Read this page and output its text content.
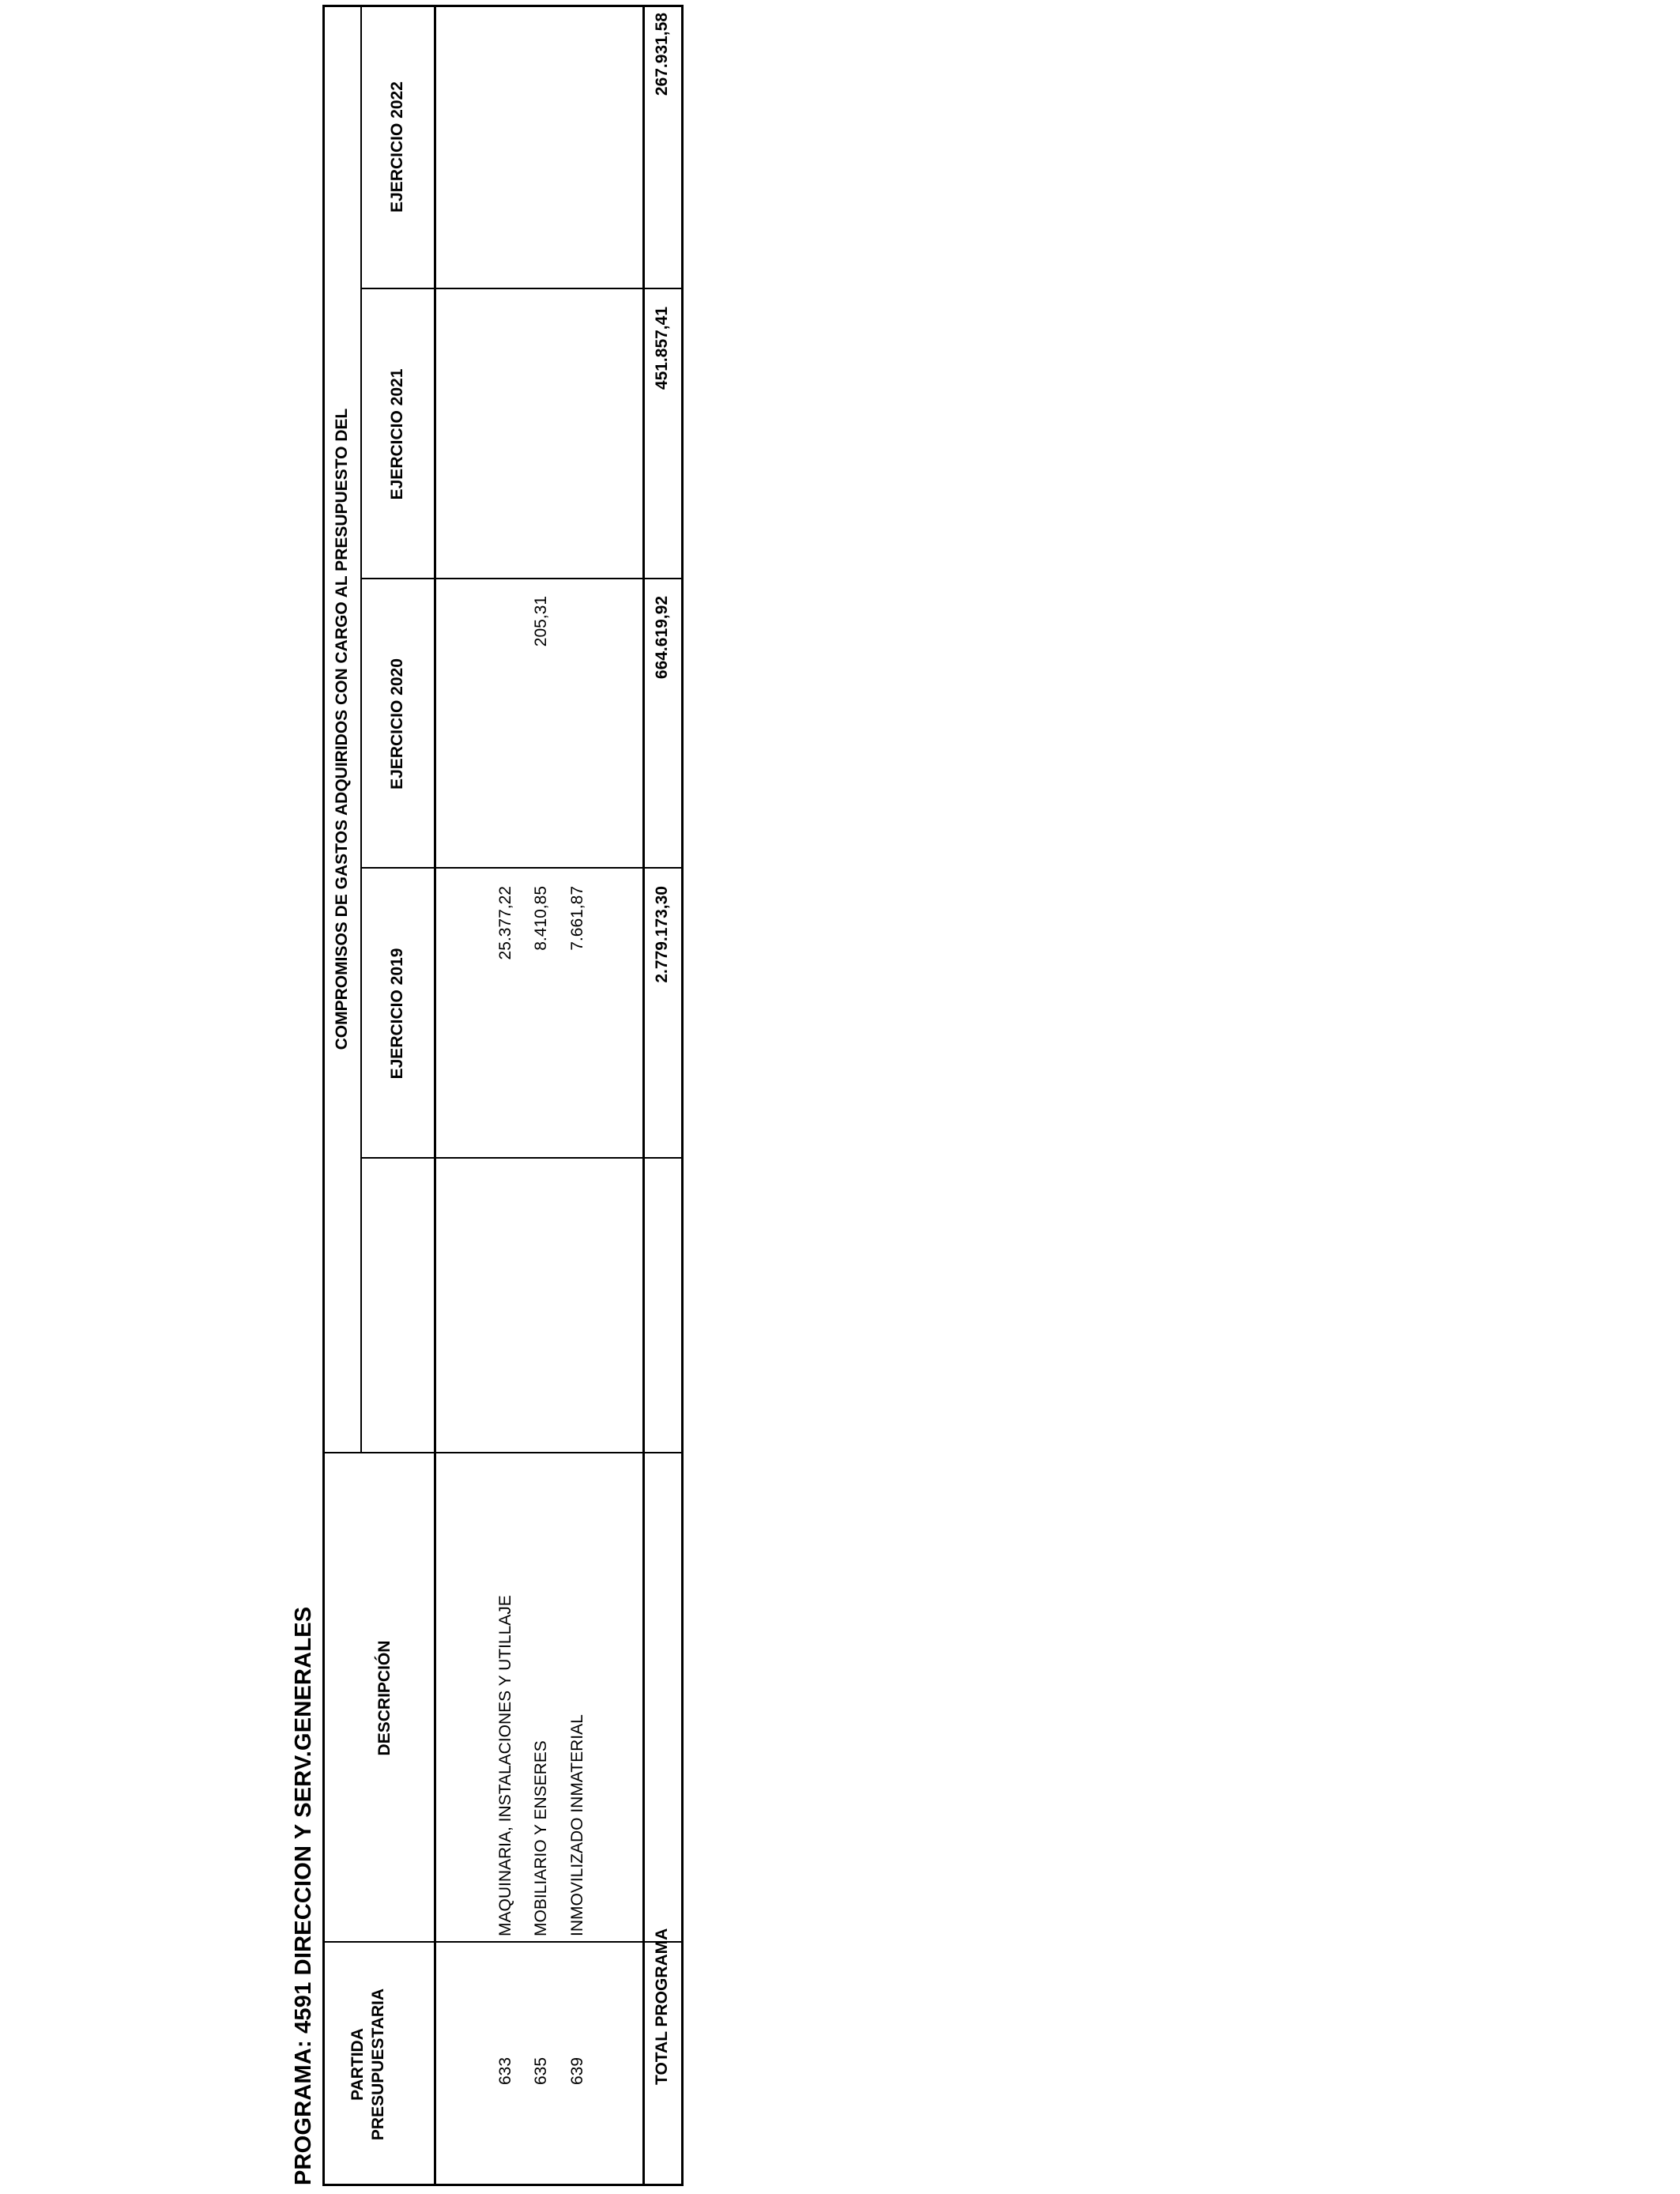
PROGRAMA: 4591 DIRECCION Y SERV.GENERALES PARTIDA PRESUPUESTARIA
DESCRIPCIÓN
COMPROMISOS DE GASTOS ADQUIRIDOS CON CARGO AL PRESUPUESTO DEL EJERCICIO 2019
EJERCICIO 2020
EJERCICIO 2021
EJERCICIO 2022
633
MAQUINARIA, INSTALACIONES Y UTILLAJE
25.377,22
635
MOBILIARIO Y ENSERES
8.410,85
205,31
639
INMOVILIZADO INMATERIAL
7.661,87
TOTAL PROGRAMA
2.779.173,30
664.619,92
451.857,41
267.931,58
